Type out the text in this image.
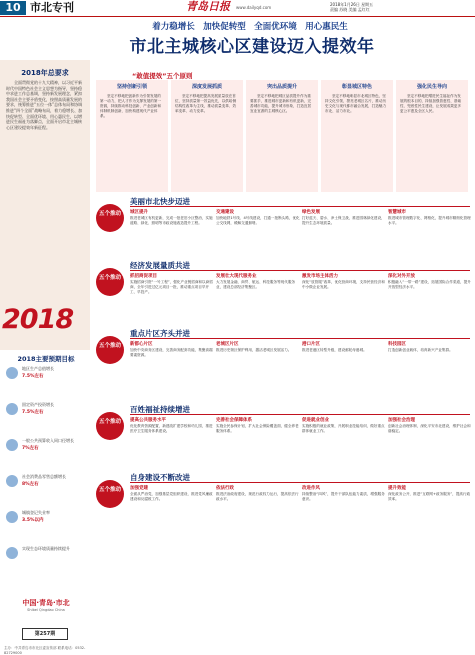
10 市北专刊	青岛日报 www.dailyqd.com
2018年1月26日 星期五
责编 苏晓 美编 孟红红
着力稳增长　加快促转型　全面优环境　用心惠民生
市北主城核心区建设迈入提效年
2018年总要求
全面贯彻党的十九大精神，以习近平新时代中国特色社会主义思想为指导，坚持稳中求进工作总基调，坚持新发展理念，紧扣我国社会主要矛盾变化，按照高质量发展的要求，统筹推进“五位一体”总体布局和协调推进“四个全面”战略布局，着力稳增长、加快促转型、全面优环境、用心惠民生，以增进民生福祉为落脚点，全面开启市北主城核心区建设提效年新征程。
2018
2018主要预期目标
地区生产总值增长
7.5%左右
固定资产投资增长
7.5%左右
一般公共预算收入同口径增长
7%左右
社会消费品零售总额增长
8%左右
城镇登记失业率
3.5%以内
实现生态环境质量持续提升
中国·青岛·市北
Shibei Qingdao China
第257期
主办：中共青岛市市北区委宣传部 联系电话：0532-82729000
“敢值提效”五个原则
坚持创新引领
坚定不移地把创新作为引领发展的第一动力，把人才作为支撑发展的第一资源，持续推动科技创新、产业创新和体制机制创新，加快构建现代产业体系。
深度发展抓质
坚定不移地把提高发展质量放在首位，坚持质量第一效益优先，以供给侧结构性改革为主线，推动质量变革、效率变革、动力变革。
突出品质提升
坚定不移地把城区品质提升作为重要抓手，推进城市更新和有机更新，完善城市功能，提升城市形象，打造宜居宜业宜游的主城核心区。
彰显城区特色
坚定不移地彰显市北城区特色，坚持文化引领，擦亮老城区名片，推动历史文化与现代都市融合发展，打造魅力市北、活力市北。
强化民生导向
坚定不移地把增进民生福祉作为发展的根本目的，持续加强普惠性、基础性、兜底性民生建设，让发展成果更多更公平惠及全区人民。
五个推动
美丽市北快步迈进
城区提升
推进老城区有机更新，完成一批老旧小区整治，实施道路、绿化、照明等市政设施改造提升工程。
交通建设
加快地铁1号线、4号线建设，打通一批断头路，优化公交线网，缓解交通拥堵。
绿色发展
打好蓝天、碧水、净土保卫战，推进园林绿化建设，提升生态环境质量。
智慧城市
推进城市管理数字化、网格化，提升城市精细化管理水平。
五个推动
经济发展量质共进
抓招商促项目
实施招商引资“一号工程”，强化产业链招商和以商招商，全年引进过亿元项目一批，推动重点项目早开工、早投产。
发展壮大现代服务业
大力发展金融、商贸、航运、科技服务等现代服务业，建设总部经济集聚区。
激发市场主体活力
深化“放管服”改革，优化营商环境，支持民营经济和中小微企业发展。
深化对外开放
积极融入“一带一路”建设，拓展国际合作渠道，提升开放型经济水平。
五个推动
重点片区齐头并进
新都心片区
加快中央商务区建设，完善商务配套功能，集聚高端要素资源。
老城区片区
推进历史街区保护利用，激活老城区发展活力。
港口片区
推进老港区转型升级，建设邮轮母港城。
科技园区
打造创新创业载体，培育新兴产业集群。
五个推动
百姓福祉持续增进
提高公共服务水平
优化教育资源配置，新建改扩建学校和幼儿园，推进医疗卫生服务体系建设。
完善社会保障体系
实施全民参保计划，扩大社会保险覆盖面，健全养老服务体系。
促进就业创业
实施积极的就业政策，开展职业技能培训，做好重点群体就业工作。
加强社会治理
创新社会治理体制，深化平安市北建设，维护社会和谐稳定。
五个推动
自身建设不断改进
加强党建
全面从严治党，加强基层党组织建设，推进党风廉政建设和反腐败工作。
依法行政
推进法治政府建设，规范行政权力运行，提高依法行政水平。
改进作风
持续整治“四风”，提升干部队伍能力素质，增强服务意识。
提升效能
深化政务公开，推进“互联网+政务服务”，提高行政效率。
